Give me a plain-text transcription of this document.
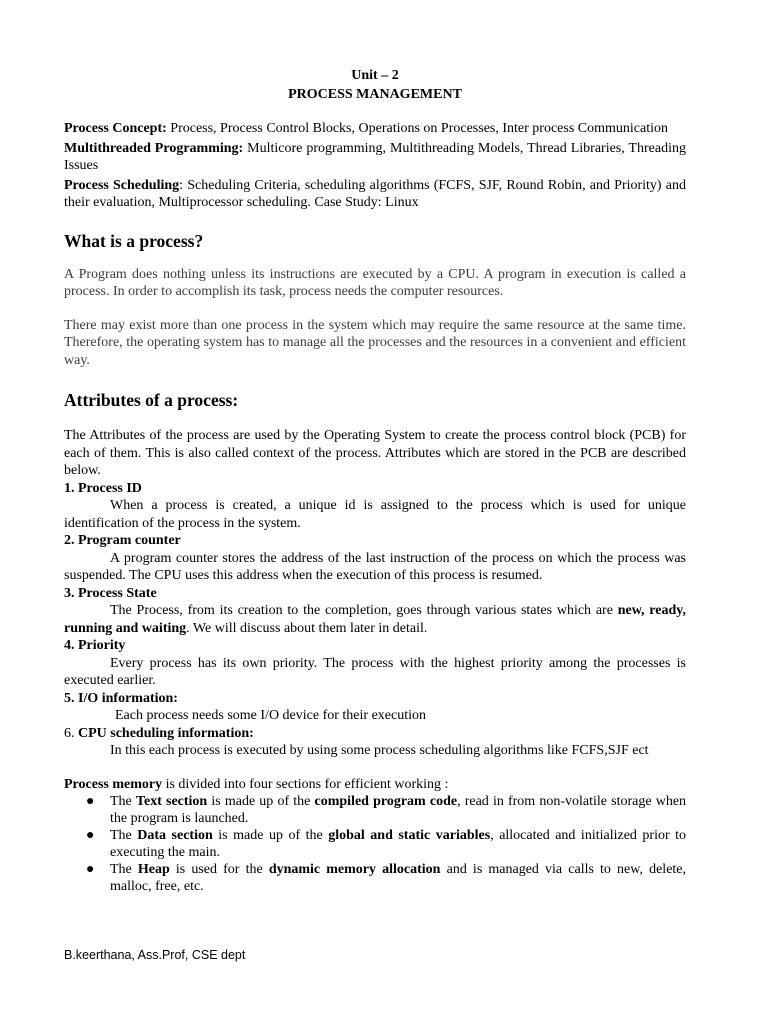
Unit – 2
PROCESS MANAGEMENT

Process Concept: Process, Process Control Blocks, Operations on Processes, Inter process Communication

Multithreaded Programming: Multicore programming, Multithreading Models, Thread Libraries, Threading Issues

Process Scheduling: Scheduling Criteria, scheduling algorithms (FCFS, SJF, Round Robin, and Priority) and their evaluation, Multiprocessor scheduling. Case Study: Linux

What is a process?

A Program does nothing unless its instructions are executed by a CPU. A program in execution is called a process. In order to accomplish its task, process needs the computer resources.

There may exist more than one process in the system which may require the same resource at the same time. Therefore, the operating system has to manage all the processes and the resources in a convenient and efficient way.

Attributes of a process:

The Attributes of the process are used by the Operating System to create the process control block (PCB) for each of them. This is also called context of the process. Attributes which are stored in the PCB are described below.

1. Process ID

When a process is created, a unique id is assigned to the process which is used for unique identification of the process in the system.

2. Program counter

A program counter stores the address of the last instruction of the process on which the process was suspended. The CPU uses this address when the execution of this process is resumed.

3. Process State

The Process, from its creation to the completion, goes through various states which are new, ready, running and waiting. We will discuss about them later in detail.

4. Priority

Every process has its own priority. The process with the highest priority among the processes is executed earlier.

5. I/O information:

Each process needs some I/O device for their execution

6. CPU scheduling information:

In this each process is executed by using some process scheduling algorithms like FCFS,SJF ect

Process memory is divided into four sections for efficient working :

● The Text section is made up of the compiled program code, read in from non-volatile storage when the program is launched.
● The Data section is made up of the global and static variables, allocated and initialized prior to executing the main.
● The Heap is used for the dynamic memory allocation and is managed via calls to new, delete, malloc, free, etc.
B.keerthana, Ass.Prof, CSE dept
